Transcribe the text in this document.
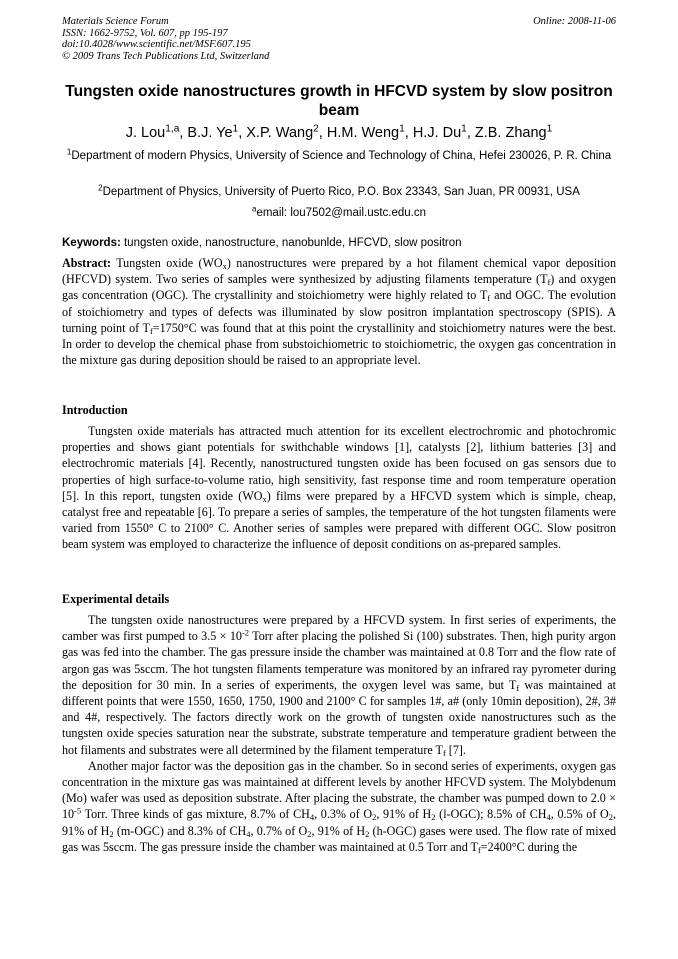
Materials Science Forum
ISSN: 1662-9752, Vol. 607, pp 195-197
doi:10.4028/www.scientific.net/MSF.607.195
© 2009 Trans Tech Publications Ltd, Switzerland
Online: 2008-11-06
Tungsten oxide nanostructures growth in HFCVD system by slow positron beam
J. Lou$^{1,a}$, B.J. Ye$^1$, X.P. Wang$^2$, H.M. Weng$^1$, H.J. Du$^1$, Z.B. Zhang$^1$
$^1$Department of modern Physics, University of Science and Technology of China, Hefei 230026, P. R. China
$^2$Department of Physics, University of Puerto Rico, P.O. Box 23343, San Juan, PR 00931, USA
$^a$email: lou7502@mail.ustc.edu.cn
Keywords: tungsten oxide, nanostructure, nanobunlde, HFCVD, slow positron

Abstract: Tungsten oxide $(WO_x)$ nanostructures were prepared by a hot filament chemical vapor deposition (HFCVD) system. Two series of samples were synthesized by adjusting filaments temperature $(T_f)$ and oxygen gas concentration (OGC). The crystallinity and stoichiometry were highly related to $T_f$ and OGC. The evolution of stoichiometry and types of defects was illuminated by slow positron implantation spectroscopy (SPIS). A turning point of $T_f=1750^\circ C$ was found that at this point the crystallinity and stoichiometry natures were the best. In order to develop the chemical phase from substoichiometric to stoichiometric, the oxygen gas concentration in the mixture gas during deposition should be raised to an appropriate level.

Introduction

Tungsten oxide materials has attracted much attention for its excellent electrochromic and photochromic properties and shows giant potentials for swithchable windows [1], catalysts [2], lithium batteries [3] and electrochromic materials [4]. Recently, nanostructured tungsten oxide has been focused on gas sensors due to properties of high surface-to-volume ratio, high sensitivity, fast response time and room temperature operation [5]. In this report, tungsten oxide $(WO_x)$ films were prepared by a HFCVD system which is simple, cheap, catalyst free and repeatable [6]. To prepare a series of samples, the temperature of the hot tungsten filaments were varied from 1550° C to 2100° C. Another series of samples were prepared with different OGC. Slow positron beam system was employed to characterize the influence of deposit conditions on as-prepared samples.

Experimental details

The tungsten oxide nanostructures were prepared by a HFCVD system. In first series of experiments, the camber was first pumped to $3.5 \times 10^{-2}$ Torr after placing the polished Si (100) substrates. Then, high purity argon gas was fed into the chamber. The gas pressure inside the chamber was maintained at 0.8 Torr and the flow rate of argon gas was 5sccm. The hot tungsten filaments temperature was monitored by an infrared ray pyrometer during the deposition for 30 min. In a series of experiments, the oxygen level was same, but $T_f$ was maintained at different points that were 1550, 1650, 1750, 1900 and 2100° C for samples 1#, a# (only 10min deposition), 2#, 3# and 4#, respectively. The factors directly work on the growth of tungsten oxide nanostructures such as the tungsten oxide species saturation near the substrate, substrate temperature and temperature gradient between the hot filaments and substrates were all determined by the filament temperature $T_f$ [7].

Another major factor was the deposition gas in the chamber. So in second series of experiments, oxygen gas concentration in the mixture gas was maintained at different levels by another HFCVD system. The Molybdenum (Mo) wafer was used as deposition substrate. After placing the substrate, the chamber was pumped down to $2.0 \times 10^{-5}$ Torr. Three kinds of gas mixture, 8.7% of $CH_4$, 0.3% of $O_2$, 91% of $H_2$ (l-OGC); 8.5% of $CH_4$, 0.5% of $O_2$, 91% of $H_2$ (m-OGC) and 8.3% of $CH_4$, 0.7% of $O_2$, 91% of $H_2$ (h-OGC) gases were used. The flow rate of mixed gas was 5sccm. The gas pressure inside the chamber was maintained at 0.5 Torr and $T_f=2400^\circ C$ during the
